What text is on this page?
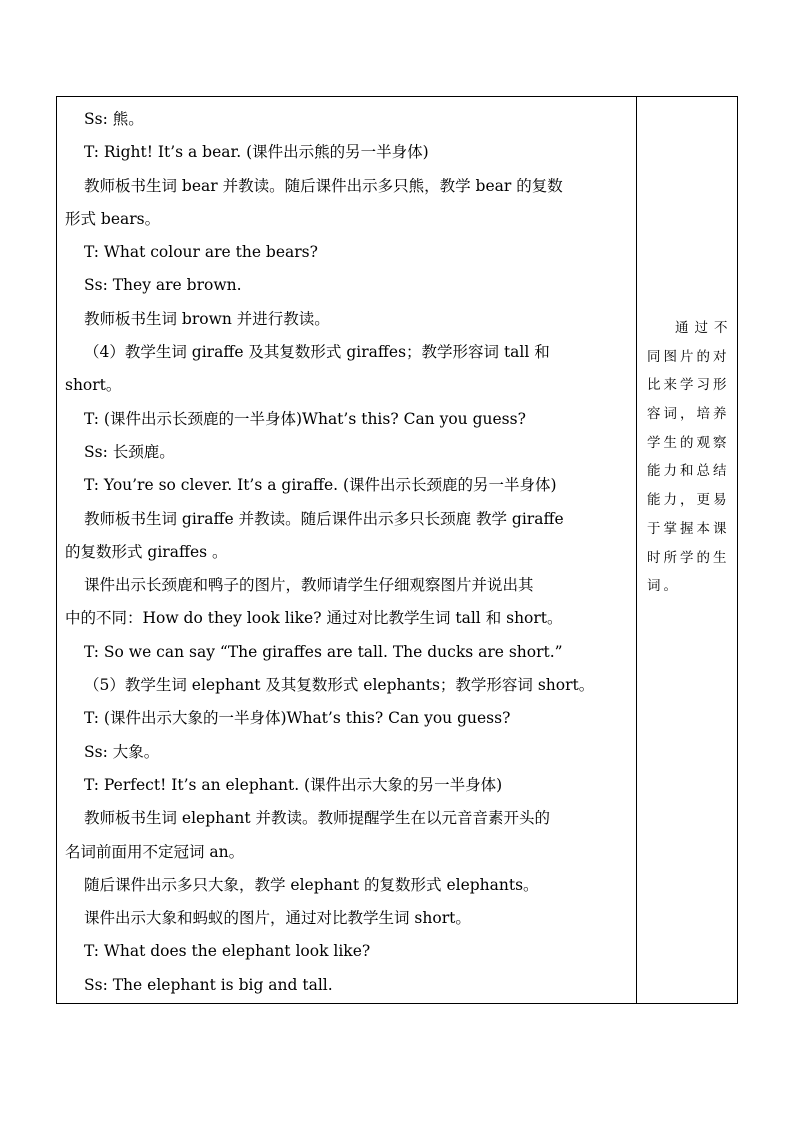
Ss: 熊。
T: Right! It’s a bear. (课件出示熊的另一半身体)
教师板书生词 bear 并教读。随后课件出示多只熊，教学 bear 的复数
形式 bears。
T: What colour are the bears?
Ss: They are brown.
教师板书生词 brown 并进行教读。
（4）教学生词 giraffe 及其复数形式 giraffes；教学形容词 tall 和
short。
T: (课件出示长颈鹿的一半身体)What’s this? Can you guess?
Ss: 长颈鹿。
T: You’re so clever. It’s a giraffe. (课件出示长颈鹿的另一半身体)
教师板书生词 giraffe 并教读。随后课件出示多只长颈鹿 教学 giraffe
的复数形式 giraffes 。
课件出示长颈鹿和鸭子的图片，教师请学生仔细观察图片并说出其
中的不同：How do they look like? 通过对比教学生词 tall 和 short。
T: So we can say “The giraffes are tall. The ducks are short.”
（5）教学生词 elephant 及其复数形式 elephants；教学形容词 short。
T: (课件出示大象的一半身体)What’s this? Can you guess?
Ss: 大象。
T: Perfect! It’s an elephant. (课件出示大象的另一半身体)
教师板书生词 elephant 并教读。教师提醒学生在以元音音素开头的
名词前面用不定冠词 an。
随后课件出示多只大象，教学 elephant 的复数形式 elephants。
课件出示大象和蚂蚁的图片，通过对比教学生词 short。
T: What does the elephant look like?
Ss: The elephant is big and tall.
通过不
同图片的对
比来学习形
容词，培养
学生的观察
能力和总结
能力，更易
于掌握本课
时所学的生
词。
